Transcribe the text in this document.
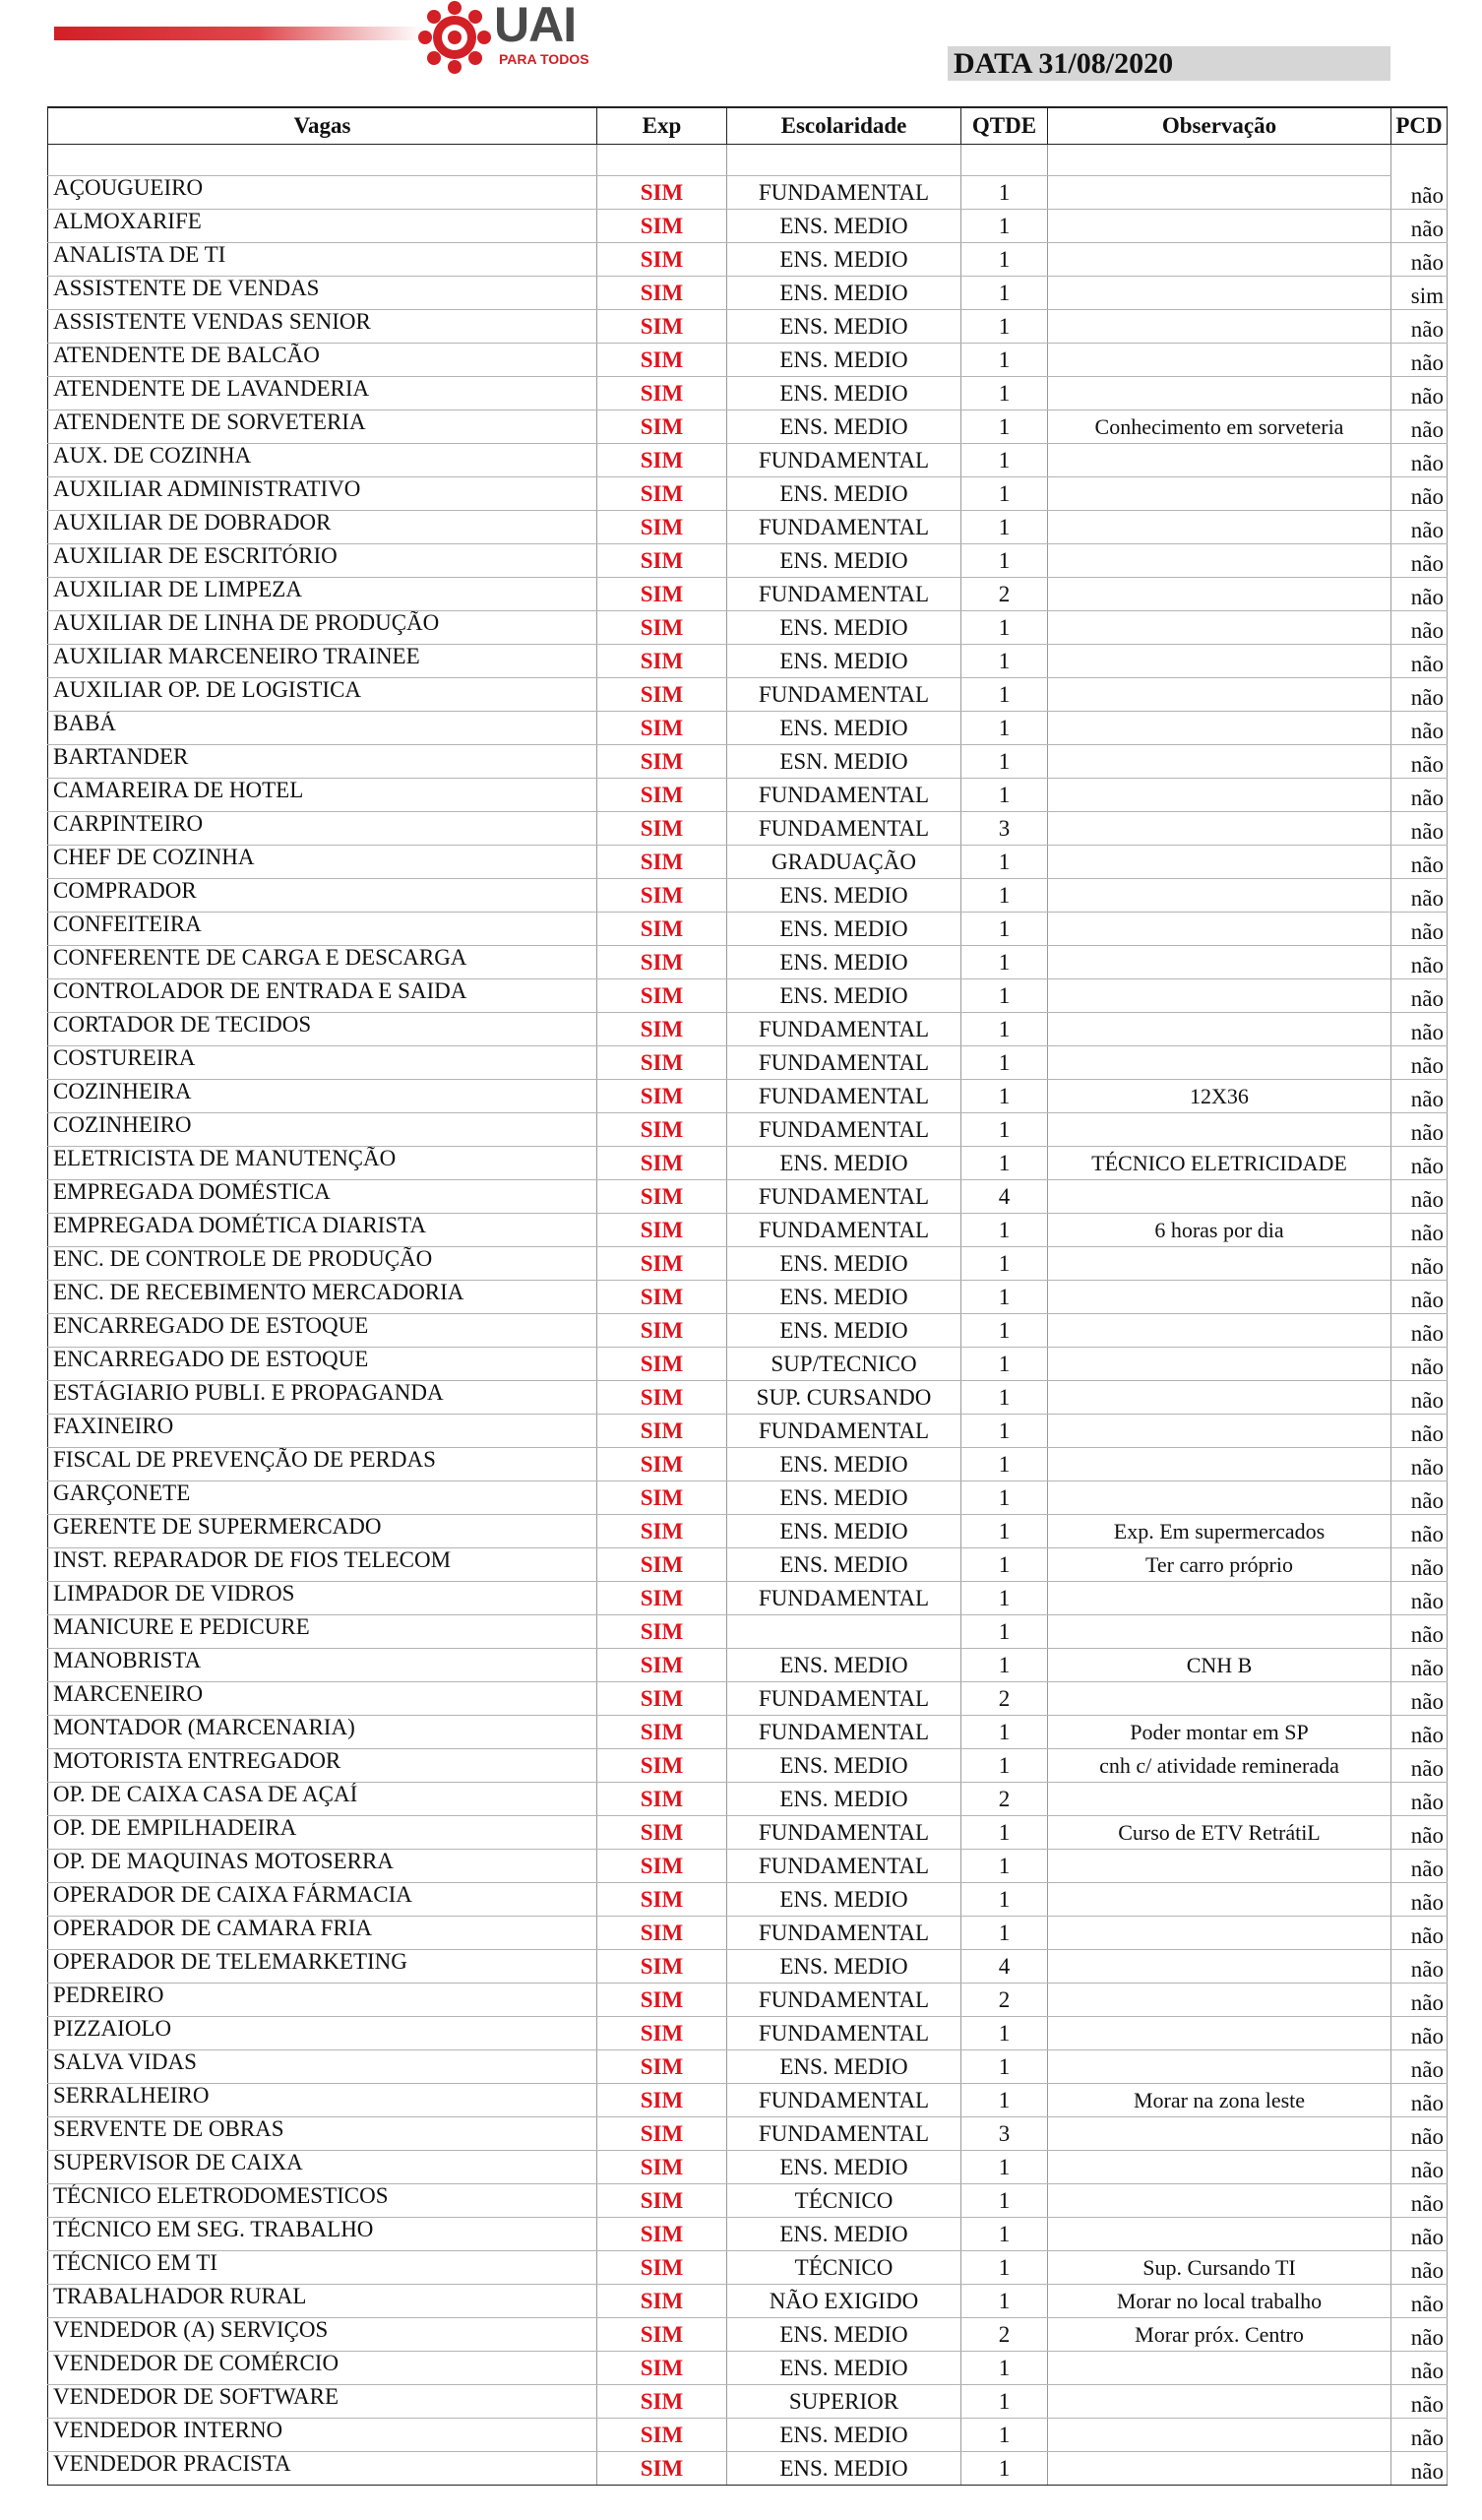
UAI
PARA TODOS	DATA 31/08/2020
Vagas	Exp	Escolaridade	QTDE	Observação	PCD

AÇOUGUEIRO	SIM	FUNDAMENTAL	1		não
ALMOXARIFE	SIM	ENS. MEDIO	1		não
ANALISTA DE TI	SIM	ENS. MEDIO	1		não
ASSISTENTE DE VENDAS	SIM	ENS. MEDIO	1		sim
ASSISTENTE VENDAS SENIOR	SIM	ENS. MEDIO	1		não
ATENDENTE DE BALCÃO	SIM	ENS. MEDIO	1		não
ATENDENTE DE LAVANDERIA	SIM	ENS. MEDIO	1		não
ATENDENTE DE SORVETERIA	SIM	ENS. MEDIO	1	Conhecimento em sorveteria	não
AUX. DE COZINHA	SIM	FUNDAMENTAL	1		não
AUXILIAR ADMINISTRATIVO	SIM	ENS. MEDIO	1		não
AUXILIAR DE DOBRADOR	SIM	FUNDAMENTAL	1		não
AUXILIAR DE ESCRITÓRIO	SIM	ENS. MEDIO	1		não
AUXILIAR DE LIMPEZA	SIM	FUNDAMENTAL	2		não
AUXILIAR DE LINHA DE PRODUÇÃO	SIM	ENS. MEDIO	1		não
AUXILIAR MARCENEIRO TRAINEE	SIM	ENS. MEDIO	1		não
AUXILIAR OP. DE LOGISTICA	SIM	FUNDAMENTAL	1		não
BABÁ	SIM	ENS. MEDIO	1		não
BARTANDER	SIM	ESN. MEDIO	1		não
CAMAREIRA DE HOTEL	SIM	FUNDAMENTAL	1		não
CARPINTEIRO	SIM	FUNDAMENTAL	3		não
CHEF DE COZINHA	SIM	GRADUAÇÃO	1		não
COMPRADOR	SIM	ENS. MEDIO	1		não
CONFEITEIRA	SIM	ENS. MEDIO	1		não
CONFERENTE DE CARGA E DESCARGA	SIM	ENS. MEDIO	1		não
CONTROLADOR DE ENTRADA E SAIDA	SIM	ENS. MEDIO	1		não
CORTADOR DE TECIDOS	SIM	FUNDAMENTAL	1		não
COSTUREIRA	SIM	FUNDAMENTAL	1		não
COZINHEIRA	SIM	FUNDAMENTAL	1	12X36	não
COZINHEIRO	SIM	FUNDAMENTAL	1		não
ELETRICISTA DE MANUTENÇÃO	SIM	ENS. MEDIO	1	TÉCNICO ELETRICIDADE	não
EMPREGADA DOMÉSTICA	SIM	FUNDAMENTAL	4		não
EMPREGADA DOMÉTICA DIARISTA	SIM	FUNDAMENTAL	1	6 horas por dia	não
ENC. DE CONTROLE DE PRODUÇÃO	SIM	ENS. MEDIO	1		não
ENC. DE RECEBIMENTO MERCADORIA	SIM	ENS. MEDIO	1		não
ENCARREGADO DE ESTOQUE	SIM	ENS. MEDIO	1		não
ENCARREGADO DE ESTOQUE	SIM	SUP/TECNICO	1		não
ESTÁGIARIO PUBLI. E PROPAGANDA	SIM	SUP. CURSANDO	1		não
FAXINEIRO	SIM	FUNDAMENTAL	1		não
FISCAL DE PREVENÇÃO DE PERDAS	SIM	ENS. MEDIO	1		não
GARÇONETE	SIM	ENS. MEDIO	1		não
GERENTE DE SUPERMERCADO	SIM	ENS. MEDIO	1	Exp. Em supermercados	não
INST. REPARADOR DE FIOS TELECOM	SIM	ENS. MEDIO	1	Ter carro próprio	não
LIMPADOR DE VIDROS	SIM	FUNDAMENTAL	1		não
MANICURE E PEDICURE	SIM		1		não
MANOBRISTA	SIM	ENS. MEDIO	1	CNH B	não
MARCENEIRO	SIM	FUNDAMENTAL	2		não
MONTADOR (MARCENARIA)	SIM	FUNDAMENTAL	1	Poder montar em SP	não
MOTORISTA ENTREGADOR	SIM	ENS. MEDIO	1	cnh c/ atividade reminerada	não
OP. DE CAIXA CASA DE AÇAÍ	SIM	ENS. MEDIO	2		não
OP. DE EMPILHADEIRA	SIM	FUNDAMENTAL	1	Curso de ETV RetrátiL	não
OP. DE MAQUINAS MOTOSERRA	SIM	FUNDAMENTAL	1		não
OPERADOR DE CAIXA FÁRMACIA	SIM	ENS. MEDIO	1		não
OPERADOR DE CAMARA FRIA	SIM	FUNDAMENTAL	1		não
OPERADOR DE TELEMARKETING	SIM	ENS. MEDIO	4		não
PEDREIRO	SIM	FUNDAMENTAL	2		não
PIZZAIOLO	SIM	FUNDAMENTAL	1		não
SALVA VIDAS	SIM	ENS. MEDIO	1		não
SERRALHEIRO	SIM	FUNDAMENTAL	1	Morar na zona leste	não
SERVENTE DE OBRAS	SIM	FUNDAMENTAL	3		não
SUPERVISOR DE CAIXA	SIM	ENS. MEDIO	1		não
TÉCNICO ELETRODOMESTICOS	SIM	TÉCNICO	1		não
TÉCNICO EM SEG. TRABALHO	SIM	ENS. MEDIO	1		não
TÉCNICO EM TI	SIM	TÉCNICO	1	Sup. Cursando TI	não
TRABALHADOR RURAL	SIM	NÃO EXIGIDO	1	Morar no local trabalho	não
VENDEDOR (A) SERVIÇOS	SIM	ENS. MEDIO	2	Morar próx. Centro	não
VENDEDOR DE COMÉRCIO	SIM	ENS. MEDIO	1		não
VENDEDOR DE SOFTWARE	SIM	SUPERIOR	1		não
VENDEDOR INTERNO	SIM	ENS. MEDIO	1		não
VENDEDOR PRACISTA	SIM	ENS. MEDIO	1		não
